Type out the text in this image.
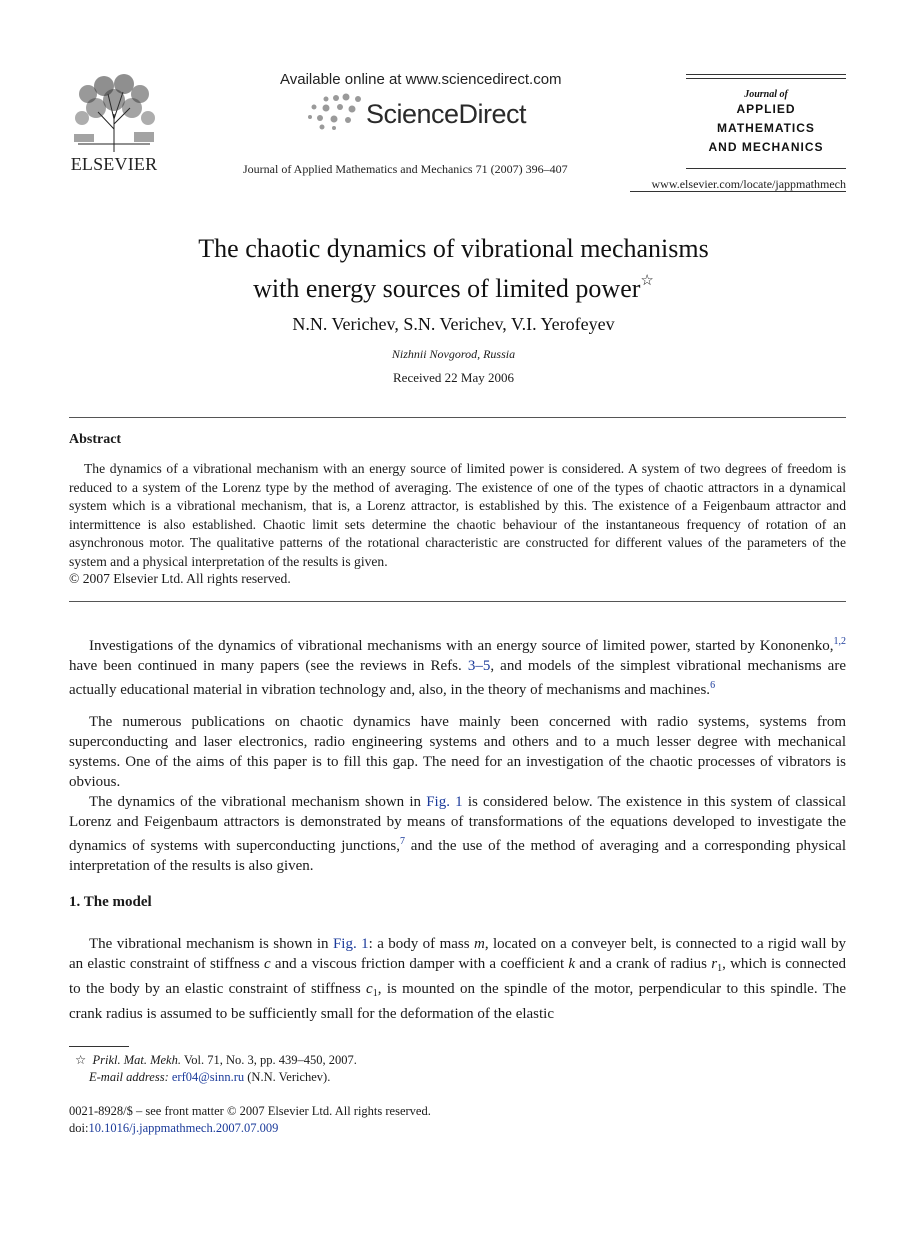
ELSEVIER
Available online at www.sciencedirect.com
ScienceDirect
Journal of Applied Mathematics and Mechanics 71 (2007) 396–407
Journal of
APPLIED
MATHEMATICS
AND MECHANICS
www.elsevier.com/locate/jappmathmech
The chaotic dynamics of vibrational mechanisms
with energy sources of limited power☆
N.N. Verichev, S.N. Verichev, V.I. Yerofeyev
Nizhnii Novgorod, Russia
Received 22 May 2006
Abstract
The dynamics of a vibrational mechanism with an energy source of limited power is considered. A system of two degrees of freedom is reduced to a system of the Lorenz type by the method of averaging. The existence of one of the types of chaotic attractors in a dynamical system which is a vibrational mechanism, that is, a Lorenz attractor, is established by this. The existence of a Feigenbaum attractor and intermittence is also established. Chaotic limit sets determine the chaotic behaviour of the instantaneous frequency of rotation of an asynchronous motor. The qualitative patterns of the rotational characteristic are constructed for different values of the parameters of the system and a physical interpretation of the results is given.
© 2007 Elsevier Ltd. All rights reserved.
Investigations of the dynamics of vibrational mechanisms with an energy source of limited power, started by Kononenko,$^{1,2}$ have been continued in many papers (see the reviews in Refs. 3–5, and models of the simplest vibrational mechanisms are actually educational material in vibration technology and, also, in the theory of mechanisms and machines.$^6$
The numerous publications on chaotic dynamics have mainly been concerned with radio systems, systems from superconducting and laser electronics, radio engineering systems and others and to a much lesser degree with mechanical systems. One of the aims of this paper is to fill this gap. The need for an investigation of the chaotic processes of vibrators is obvious.
The dynamics of the vibrational mechanism shown in Fig. 1 is considered below. The existence in this system of classical Lorenz and Feigenbaum attractors is demonstrated by means of transformations of the equations developed to investigate the dynamics of systems with superconducting junctions,$^7$ and the use of the method of averaging and a corresponding physical interpretation of the results is also given.
1. The model
The vibrational mechanism is shown in Fig. 1: a body of mass m, located on a conveyer belt, is connected to a rigid wall by an elastic constraint of stiffness c and a viscous friction damper with a coefficient k and a crank of radius $r_1$, which is connected to the body by an elastic constraint of stiffness $c_1$, is mounted on the spindle of the motor, perpendicular to this spindle. The crank radius is assumed to be sufficiently small for the deformation of the elastic
☆ Prikl. Mat. Mekh. Vol. 71, No. 3, pp. 439–450, 2007.
E-mail address: erf04@sinn.ru (N.N. Verichev).
0021-8928/$ – see front matter © 2007 Elsevier Ltd. All rights reserved.
doi:10.1016/j.jappmathmech.2007.07.009
